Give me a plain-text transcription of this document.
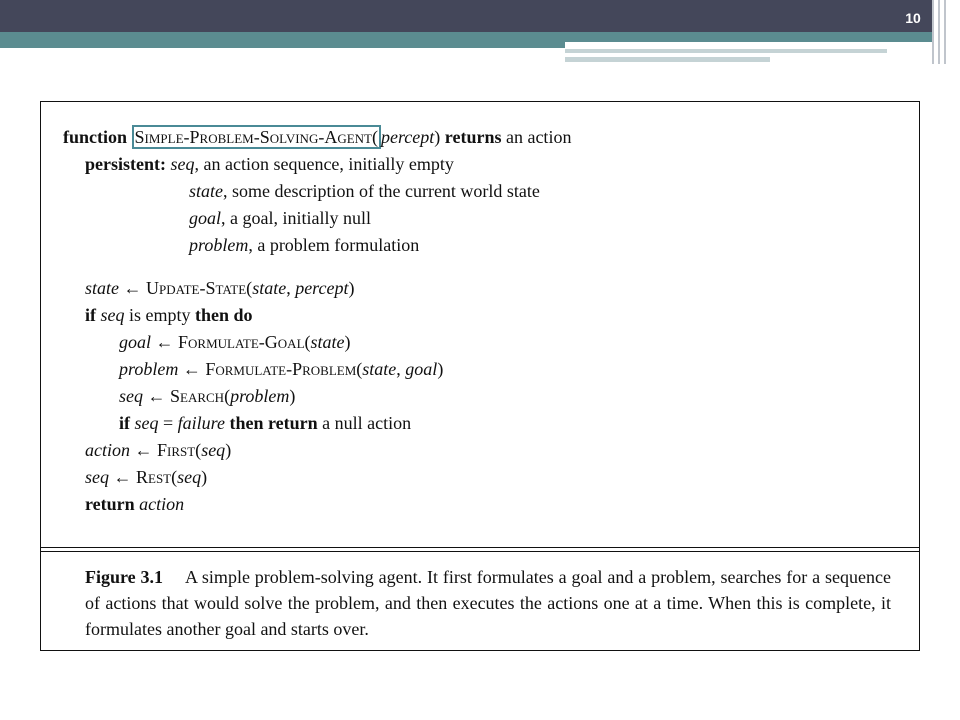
10
function Simple-Problem-Solving-Agent( percept) returns an action
persistent: seq, an action sequence, initially empty
state, some description of the current world state
goal, a goal, initially null
problem, a problem formulation
state ← Update-State(state, percept)
if seq is empty then do
goal ← Formulate-Goal(state)
problem ← Formulate-Problem(state, goal)
seq ← Search(problem)
if seq = failure then return a null action
action ← First(seq)
seq ← Rest(seq)
return action
Figure 3.1 A simple problem-solving agent. It first formulates a goal and a problem, searches for a sequence of actions that would solve the problem, and then executes the actions one at a time. When this is complete, it formulates another goal and starts over.
